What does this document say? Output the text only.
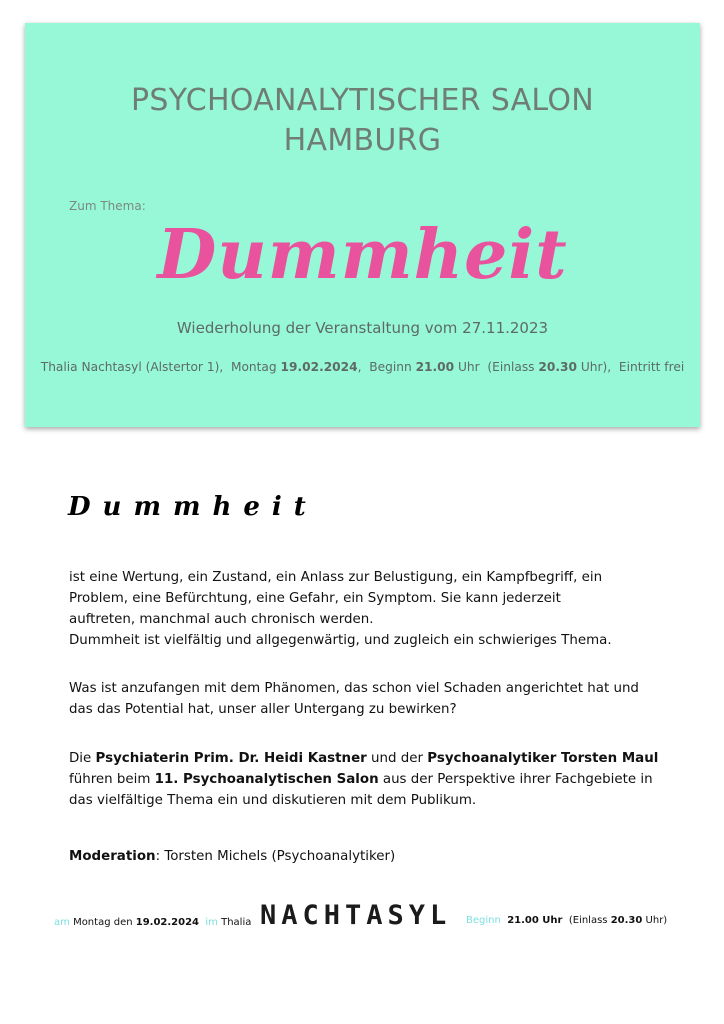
PSYCHOANALYTISCHER SALON
HAMBURG
Zum Thema:
Dummheit
Wiederholung der Veranstaltung vom 27.11.2023
Thalia Nachtasyl (Alstertor 1), Montag 19.02.2024,  Beginn 21.00 Uhr (Einlass 20.30 Uhr), Eintritt frei
Dummheit
ist eine Wertung, ein Zustand, ein Anlass zur Belustigung, ein Kampfbegriff, ein
Problem, eine Befürchtung, eine Gefahr, ein Symptom. Sie kann jederzeit
auftreten, manchmal auch chronisch werden.
Dummheit ist vielfältig und allgegenwärtig, und zugleich ein schwieriges Thema.
Was ist anzufangen mit dem Phänomen, das schon viel Schaden angerichtet hat und
das das Potential hat, unser aller Untergang zu bewirken?
Die Psychiaterin Prim. Dr. Heidi Kastner und der Psychoanalytiker Torsten Maul
führen beim 11. Psychoanalytischen Salon aus der Perspektive ihrer Fachgebiete in
das vielfältige Thema ein und diskutieren mit dem Publikum.
Moderation: Torsten Michels (Psychoanalytiker)
am Montag den 19.02.2024 im Thalia NACHTASYL Beginn 21.00 Uhr (Einlass 20.30 Uhr)
